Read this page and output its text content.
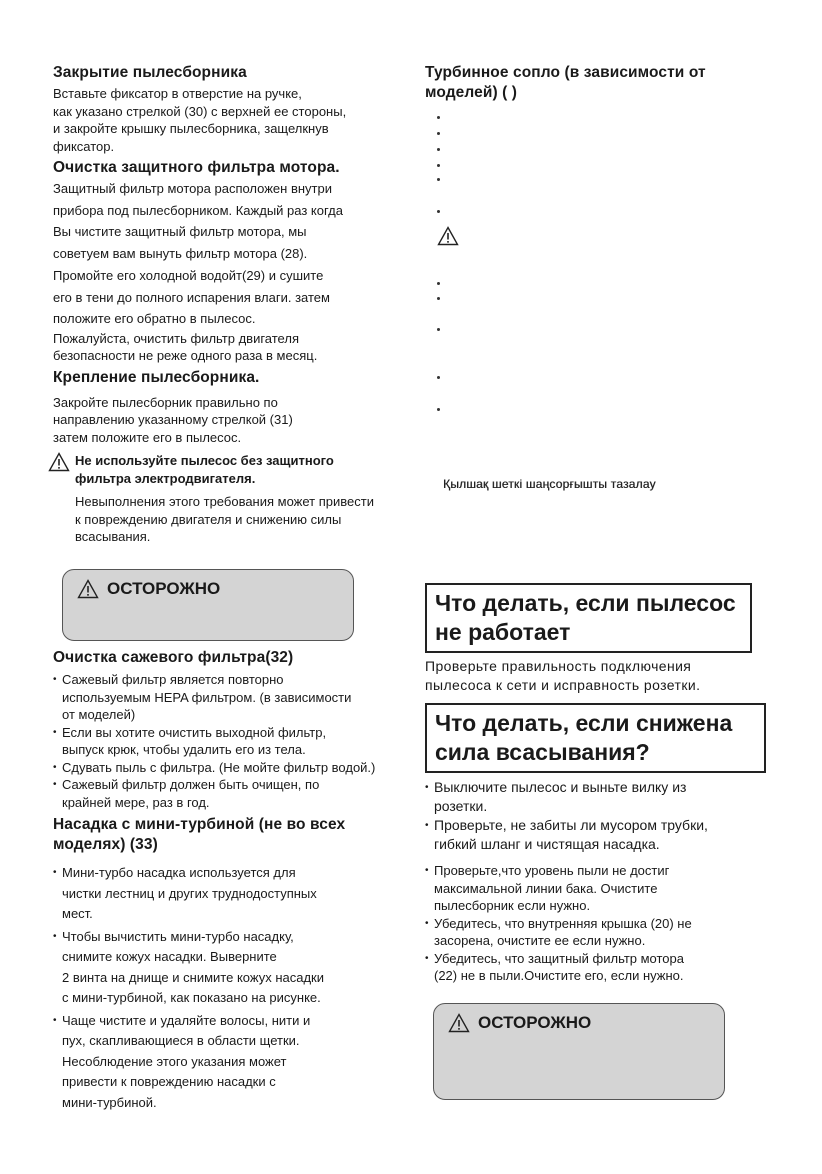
Закрытие пылесборника

Вставьте фиксатор в отверстие на ручке,

как указано стрелкой (30) с верхней ее стороны,

и закройте крышку пылесборника, защелкнув

фиксатор.

Очистка защитного фильтра мотора.

Защитный фильтр мотора расположен внутри

прибора под пылесборником. Каждый раз когда

Вы чистите защитный фильтр мотора, мы

советуем вам вынуть фильтр мотора (28).

Промойте его холодной водойт(29) и сушите

его в тени до полного испарения влаги. затем

положите его обратно в пылесос.

Пожалуйста, очистить фильтр двигателя

безопасности не реже одного раза в месяц.

Крепление пылесборника.

Закройте пылесборник правильно по

направлению указанному стрелкой (31)

затем положите его в пылесос.

Не используйте пылесос без защитного

фильтра электродвигателя.

Невыполнения этого требования может привести

к повреждению двигателя и снижению силы

всасывания.

ОСТОРОЖНО
Очистка сажевого фильтра(32)
• Сажевый фильтр является повторно
используемым HEPA фильтром. (в зависимости
от моделей)
• Если вы хотите очистить выходной фильтр,
выпуск крюк, чтобы удалить его из тела.
• Сдувать пыль с фильтра. (Не мойте фильтр водой.)
• Сажевый фильтр должен быть очищен, по
крайней мере, раз в год.
Насадка с мини-турбиной (не во всех
моделях) (33)
• Мини-турбо насадка используется для
чистки лестниц и других труднодоступных
мест.
• Чтобы вычистить мини-турбо насадку,
снимите кожух насадки. Выверните
2 винта на днище и снимите кожух насадки
с мини-турбиной, как показано на рисунке.
• Чаще чистите и удаляйте волосы, нити и
пух, скапливающиеся в области щетки.
Несоблюдение этого указания может
привести к повреждению насадки с
мини-турбиной.
Турбинное сопло (в зависимости от
моделей) ( )
Қылшақ шеткі шаңсорғышты тазалау
Что делать, если пылесос
не работает
Проверьте правильность подключения
пылесоса к сети и исправность розетки.
Что делать, если снижена
сила всасывания?
• Выключите пылесос и выньте вилку из
розетки.
• Проверьте, не забиты ли мусором трубки,
гибкий шланг и чистящая насадка.
• Проверьте,что уровень пыли не достиг
максимальной линии бака. Очистите
пылесборник если нужно.
• Убедитесь, что внутренняя крышка (20) не
засорена, очистите ее если нужно.
• Убедитесь, что защитный фильтр мотора
(22) не в пыли.Очистите его, если нужно.
ОСТОРОЖНО
